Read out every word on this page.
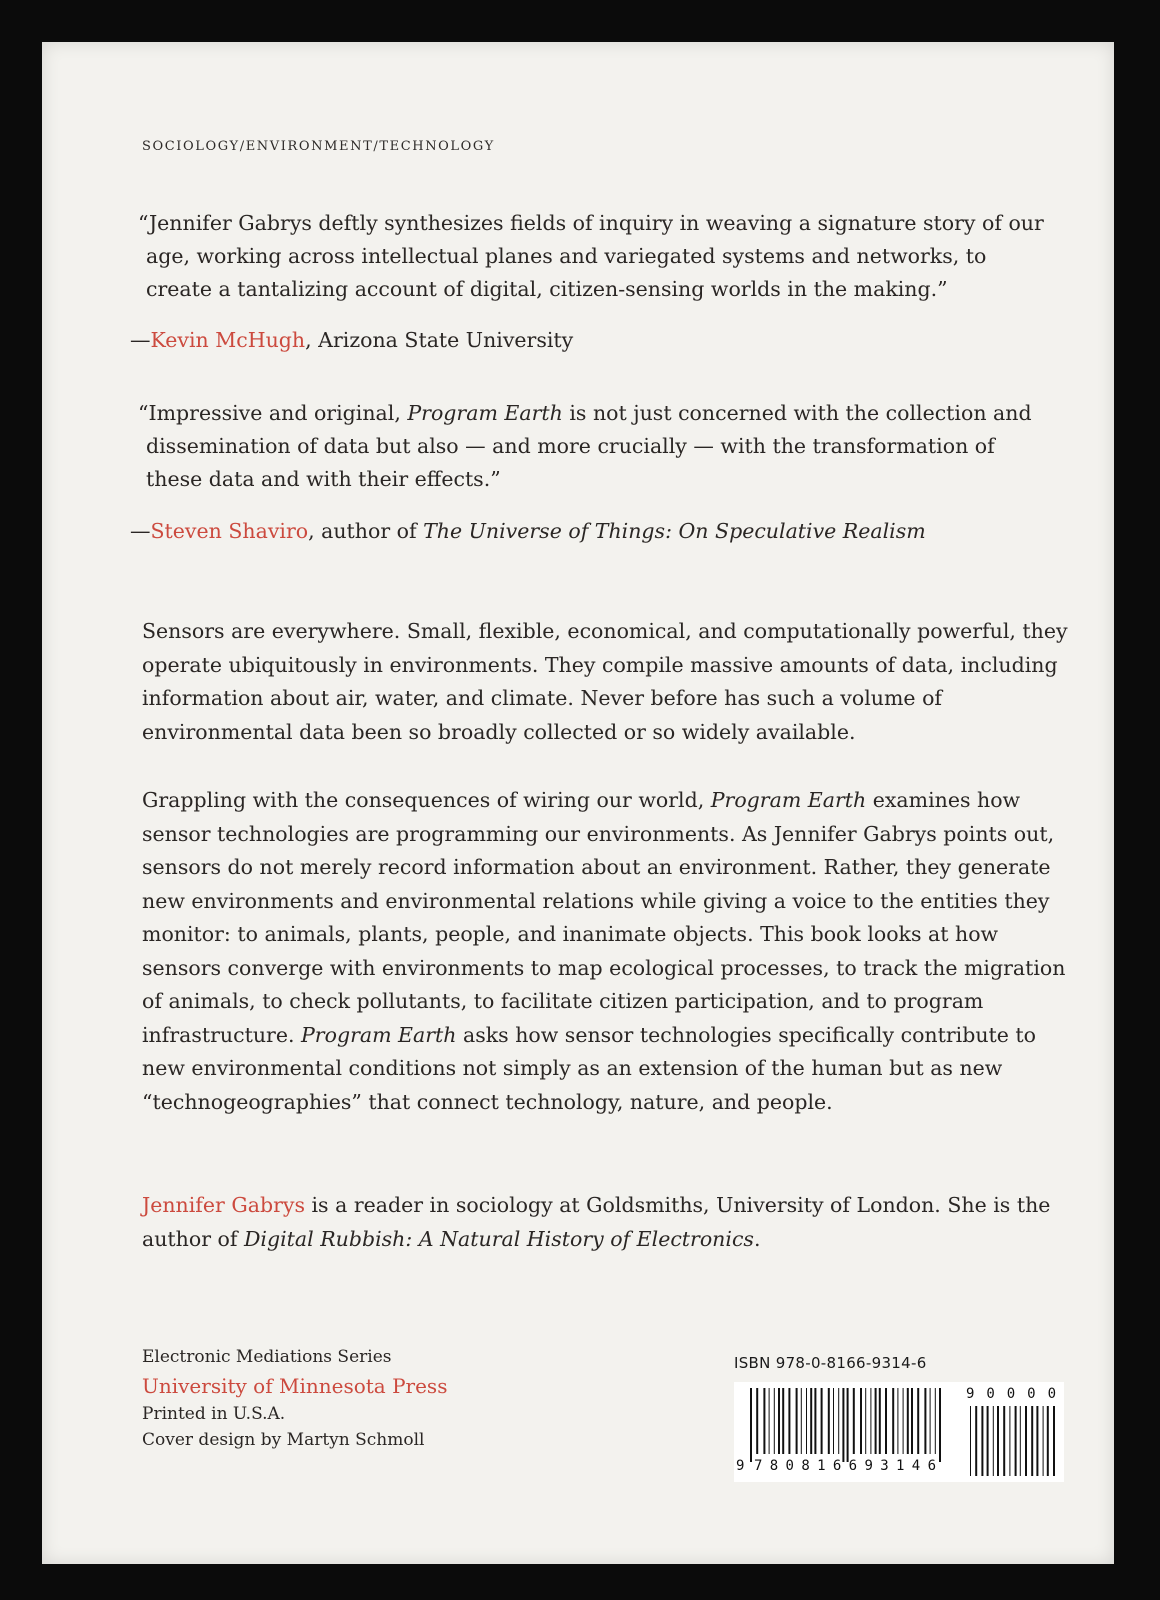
SOCIOLOGY/ENVIRONMENT/TECHNOLOGY
“Jennifer Gabrys deftly synthesizes fields of inquiry in weaving a signature story of our age, working across intellectual planes and variegated systems and networks, to create a tantalizing account of digital, citizen-sensing worlds in the making.”
—Kevin McHugh, Arizona State University
“Impressive and original, Program Earth is not just concerned with the collection and dissemination of data but also — and more crucially — with the transformation of these data and with their effects.”
—Steven Shaviro, author of The Universe of Things: On Speculative Realism
Sensors are everywhere. Small, flexible, economical, and computationally powerful, they operate ubiquitously in environments. They compile massive amounts of data, including information about air, water, and climate. Never before has such a volume of environmental data been so broadly collected or so widely available.
Grappling with the consequences of wiring our world, Program Earth examines how sensor technologies are programming our environments. As Jennifer Gabrys points out, sensors do not merely record information about an environment. Rather, they generate new environments and environmental relations while giving a voice to the entities they monitor: to animals, plants, people, and inanimate objects. This book looks at how sensors converge with environments to map ecological processes, to track the migration of animals, to check pollutants, to facilitate citizen participation, and to program infrastructure. Program Earth asks how sensor technologies specifically contribute to new environmental conditions not simply as an extension of the human but as new “technogeographies” that connect technology, nature, and people.
Jennifer Gabrys is a reader in sociology at Goldsmiths, University of London. She is the author of Digital Rubbish: A Natural History of Electronics.
Electronic Mediations Series
University of Minnesota Press
Printed in U.S.A.
Cover design by Martyn Schmoll
ISBN 978-0-8166-9314-6
9 780816693146
90000
